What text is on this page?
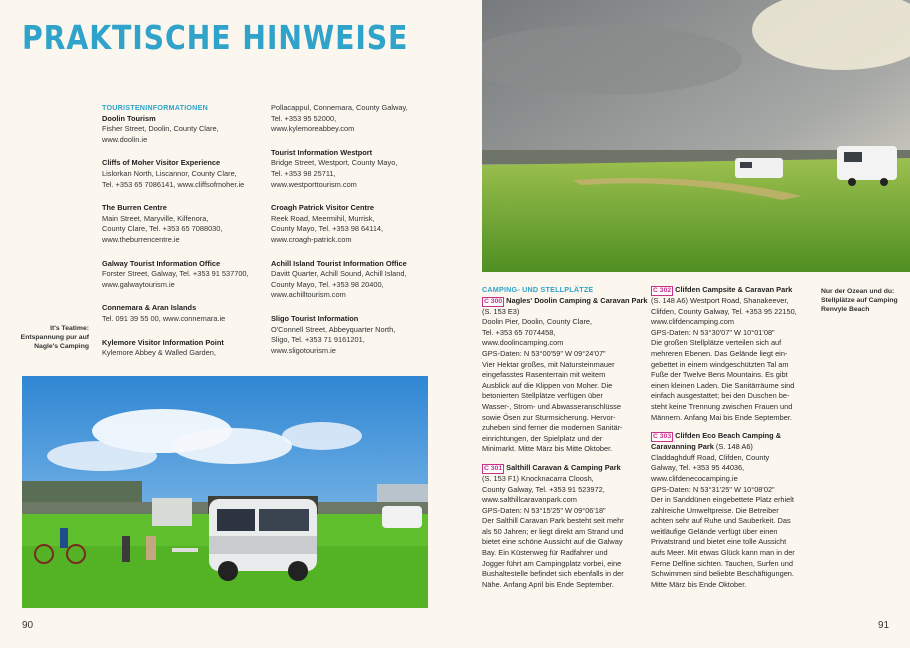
PRAKTISCHE HINWEISE
TOURISTENINFORMATIONEN
Doolin Tourism
Fisher Street, Doolin, County Clare,
www.doolin.ie
Cliffs of Moher Visitor Experience
Lislorkan North, Liscannor, County Clare,
Tel. +353 65 7086141, www.cliffsofmoher.ie
The Burren Centre
Main Street, Maryville, Kilfenora,
County Clare, Tel. +353 65 7088030,
www.theburrencentre.ie
Galway Tourist Information Office
Forster Street, Galway, Tel. +353 91 537700,
www.galwaytourism.ie
Connemara & Aran Islands
Tel. 091 39 55 00, www.connemara.ie
Kylemore Visitor Information Point
Kylemore Abbey & Walled Garden,
Pollacappul, Connemara, County Galway,
Tel. +353 95 52000,
www.kylemoreabbey.com
Tourist Information Westport
Bridge Street, Westport, County Mayo,
Tel. +353 98 25711,
www.westporttourism.com
Croagh Patrick Visitor Centre
Reek Road, Meermihil, Murrisk,
County Mayo, Tel. +353 98 64114,
www.croagh-patrick.com
Achill Island Tourist Information Office
Davitt Quarter, Achill Sound, Achill Island,
County Mayo, Tel. +353 98 20400,
www.achilltourism.com
Sligo Tourist Information
O'Connell Street, Abbeyquarter North,
Sligo, Tel. +353 71 9161201,
www.sligotourism.ie
It's Teatime: Entspannung pur auf Nagle's Camping
90
Nur der Ozean und du: Stellplätze auf Camping Renvyle Beach
CAMPING- UND STELLPLÄTZE
C 300 Nagles' Doolin Camping & Caravan Park (S. 153 E3)
Doolin Pier, Doolin, County Clare,
Tel. +353 65 7074458,
www.doolincamping.com
GPS-Daten: N 53°00'59" W 09°24'07"
Vier Hektar großes, mit Natursteinmauer
eingefasstes Rasenterrain mit weitem
Ausblick auf die Klippen von Moher. Die
betonierten Stellplätze verfügen über
Wasser-, Strom- und Abwasseranschlüsse
sowie Ösen zur Sturmsicherung. Hervor-
zuheben sind ferner die modernen Sanitär-
einrichtungen, der Spielplatz und der
Minimarkt. Mitte März bis Mitte Oktober.
C 301 Salthill Caravan & Camping Park
(S. 153 F1) Knocknacarra Cloosh,
County Galway, Tel. +353 91 523972,
www.salthillcaravanpark.com
GPS-Daten: N 53°15'25" W 09°06'18"
Der Salthill Caravan Park besteht seit mehr
als 50 Jahren; er liegt direkt am Strand und
bietet eine schöne Aussicht auf die Galway
Bay. Ein Küstenweg für Radfahrer und
Jogger führt am Campingplatz vorbei, eine
Bushaltestelle befindet sich ebenfalls in der
Nähe. Anfang April bis Ende September.
C 302 Clifden Campsite & Caravan Park
(S. 148 A6) Westport Road, Shanakeever,
Clifden, County Galway, Tel. +353 95 22150,
www.clifdencamping.com
GPS-Daten: N 53°30'07" W 10°01'08"
Die großen Stellplätze verteilen sich auf
mehreren Ebenen. Das Gelände liegt ein-
gebettet in einem windgeschützten Tal am
Fuße der Twelve Bens Mountains. Es gibt
einen kleinen Laden. Die Sanitärräume sind
einfach ausgestattet; bei den Duschen be-
steht keine Trennung zwischen Frauen und
Männern. Anfang Mai bis Ende September.
C 303 Clifden Eco Beach Camping & Caravanning Park (S. 148 A6)
Claddaghduff Road, Clifden, County
Galway, Tel. +353 95 44036,
www.clifdenecocamping.ie
GPS-Daten: N 53°31'25" W 10°08'02"
Der in Sanddünen eingebettete Platz erhielt
zahlreiche Umweltpreise. Die Betreiber
achten sehr auf Ruhe und Sauberkeit. Das
weitläufige Gelände verfügt über einen
Privatstrand und bietet eine tolle Aussicht
aufs Meer. Mit etwas Glück kann man in der
Ferne Delfine sichten. Tauchen, Surfen und
Schwimmen sind beliebte Beschäftigungen.
Mitte März bis Ende Oktober.
91
